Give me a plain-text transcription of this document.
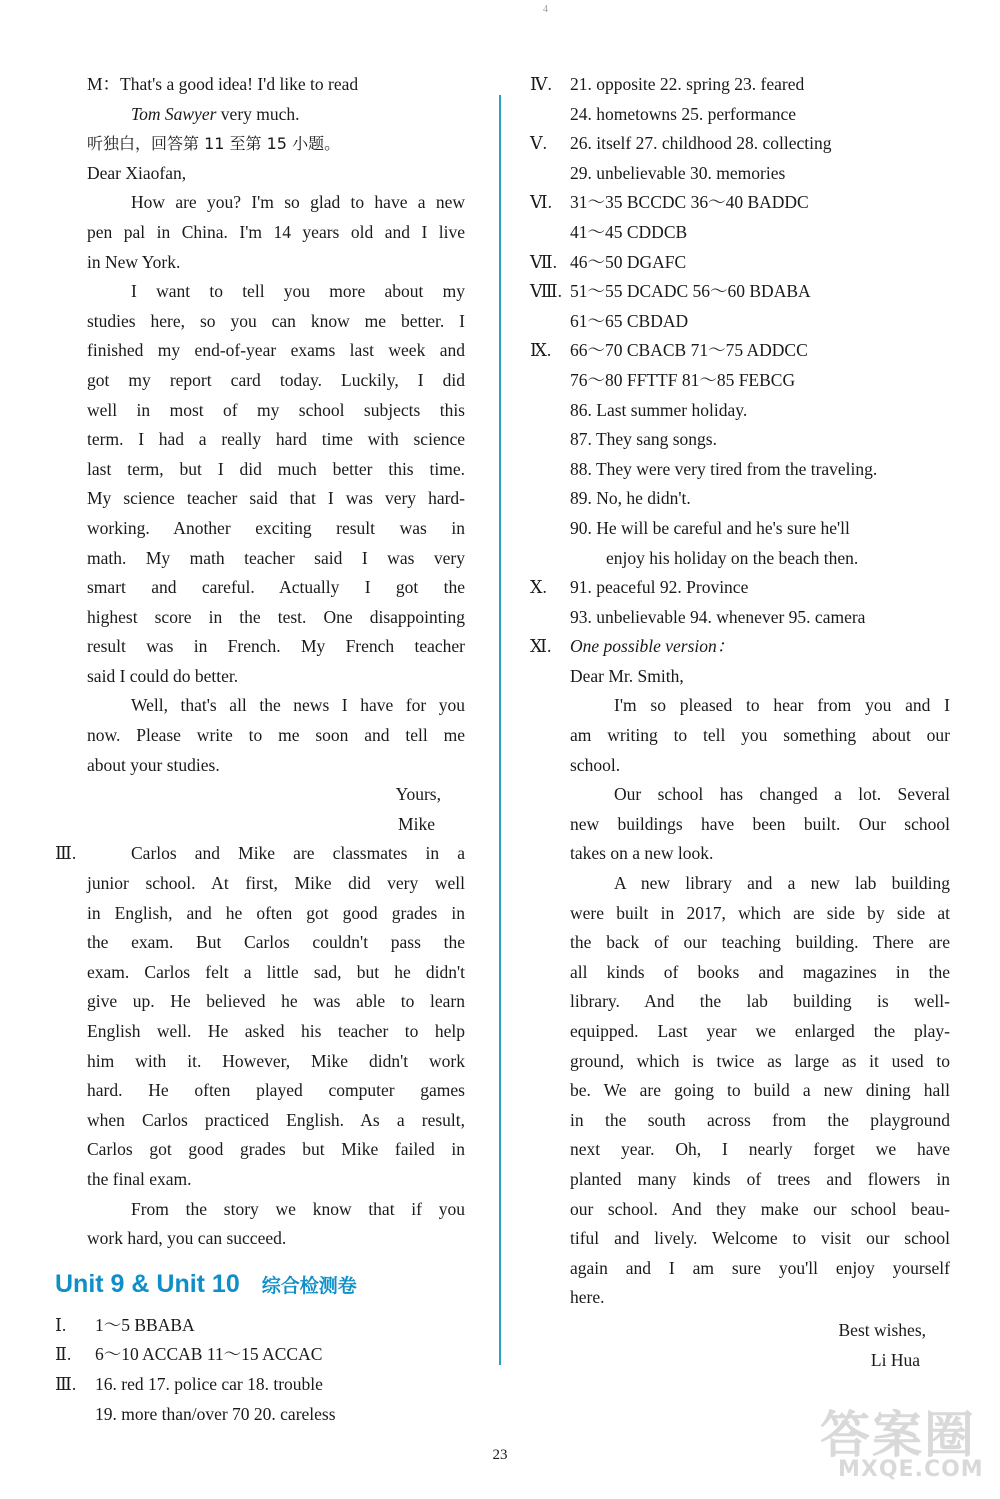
4
M：That's a good idea! I'd like to read
Tom Sawyer very much.
听独白，回答第 11 至第 15 小题。
Dear Xiaofan,
How are you? I'm so glad to have a new
pen pal in China. I'm 14 years old and I live
in New York.
I want to tell you more about my
studies here, so you can know me better. I
finished my end-of-year exams last week and
got my report card today. Luckily, I did
well in most of my school subjects this
term. I had a really hard time with science
last term, but I did much better this time.
My science teacher said that I was very hard-
working. Another exciting result was in
math. My math teacher said I was very
smart and careful. Actually I got the
highest score in the test. One disappointing
result was in French. My French teacher
said I could do better.
Well, that's all the news I have for you
now. Please write to me soon and tell me
about your studies.
Yours,
Mike
Ⅲ.	Carlos and Mike are classmates in a
junior school. At first, Mike did very well
in English, and he often got good grades in
the exam. But Carlos couldn't pass the
exam. Carlos felt a little sad, but he didn't
give up. He believed he was able to learn
English well. He asked his teacher to help
him with it. However, Mike didn't work
hard. He often played computer games
when Carlos practiced English. As a result,
Carlos got good grades but Mike failed in
the final exam.
From the story we know that if you
work hard, you can succeed.
Unit 9 & Unit 10 综合检测卷
Ⅰ. 1～5 BBABA
Ⅱ. 6～10 ACCAB 11～15 ACCAC
Ⅲ. 16. red 17. police car 18. trouble
19. more than/over 70 20. careless
Ⅳ. 21. opposite 22. spring 23. feared
24. hometowns 25. performance
Ⅴ. 26. itself 27. childhood 28. collecting
29. unbelievable 30. memories
Ⅵ. 31～35 BCCDC 36～40 BADDC
41～45 CDDCB
Ⅶ. 46～50 DGAFC
Ⅷ. 51～55 DCADC 56～60 BDABA
61～65 CBDAD
Ⅸ. 66～70 CBACB 71～75 ADDCC
76～80 FFTTF 81～85 FEBCG
86. Last summer holiday.
87. They sang songs.
88. They were very tired from the traveling.
89. No, he didn't.
90. He will be careful and he's sure he'll
enjoy his holiday on the beach then.
Ⅹ. 91. peaceful 92. Province
93. unbelievable 94. whenever 95. camera
Ⅺ. One possible version：
Dear Mr. Smith,
I'm so pleased to hear from you and I
am writing to tell you something about our
school.
Our school has changed a lot. Several
new buildings have been built. Our school
takes on a new look.
A new library and a new lab building
were built in 2017, which are side by side at
the back of our teaching building. There are
all kinds of books and magazines in the
library. And the lab building is well-
equipped. Last year we enlarged the play-
ground, which is twice as large as it used to
be. We are going to build a new dining hall
in the south across from the playground
next year. Oh, I nearly forget we have
planted many kinds of trees and flowers in
our school. And they make our school beau-
tiful and lively. Welcome to visit our school
again and I am sure you'll enjoy yourself
here.
Best wishes,
Li Hua
23	答案圈
MXQE.COM
